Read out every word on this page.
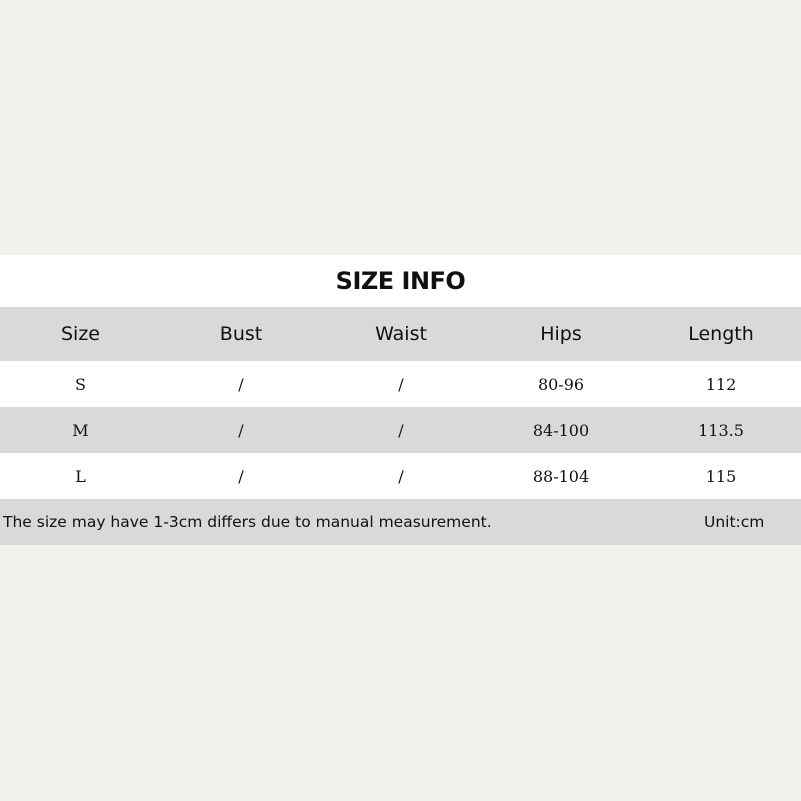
SIZE INFO
Size	Bust	Waist	Hips	Length
S	/	/	80-96	112
M	/	/	84-100	113.5
L	/	/	88-104	115
The size may have 1-3cm differs due to manual measurement.	Unit:cm
